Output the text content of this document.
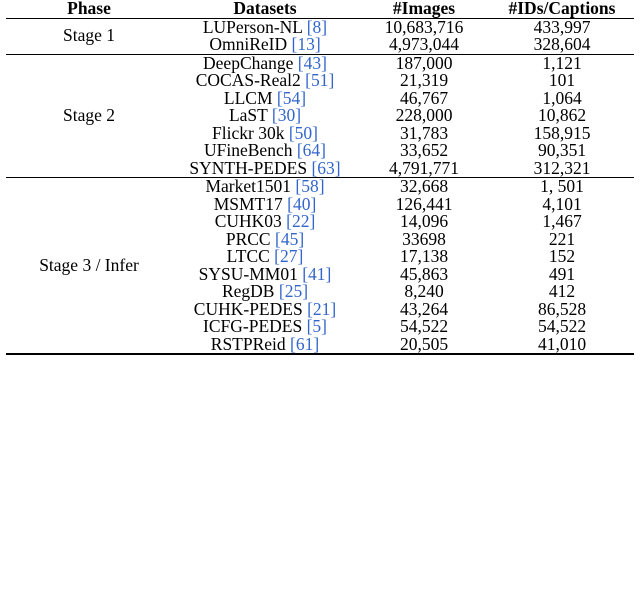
Phase	Datasets	#Images	#IDs/Captions
Stage 1	LUPerson-NL [8]	10,683,716	433,997
	OmniReID [13]	4,973,044	328,604
Stage 2	DeepChange [43]	187,000	1,121
	COCAS-Real2 [51]	21,319	101
	LLCM [54]	46,767	1,064
	LaST [30]	228,000	10,862
	Flickr 30k [50]	31,783	158,915
	UFineBench [64]	33,652	90,351
	SYNTH-PEDES [63]	4,791,771	312,321
Stage 3 / Infer	Market1501 [58]	32,668	1, 501
	MSMT17 [40]	126,441	4,101
	CUHK03 [22]	14,096	1,467
	PRCC [45]	33698	221
	LTCC [27]	17,138	152
	SYSU-MM01 [41]	45,863	491
	RegDB [25]	8,240	412
	CUHK-PEDES [21]	43,264	86,528
	ICFG-PEDES [5]	54,522	54,522
	RSTPReid [61]	20,505	41,010
